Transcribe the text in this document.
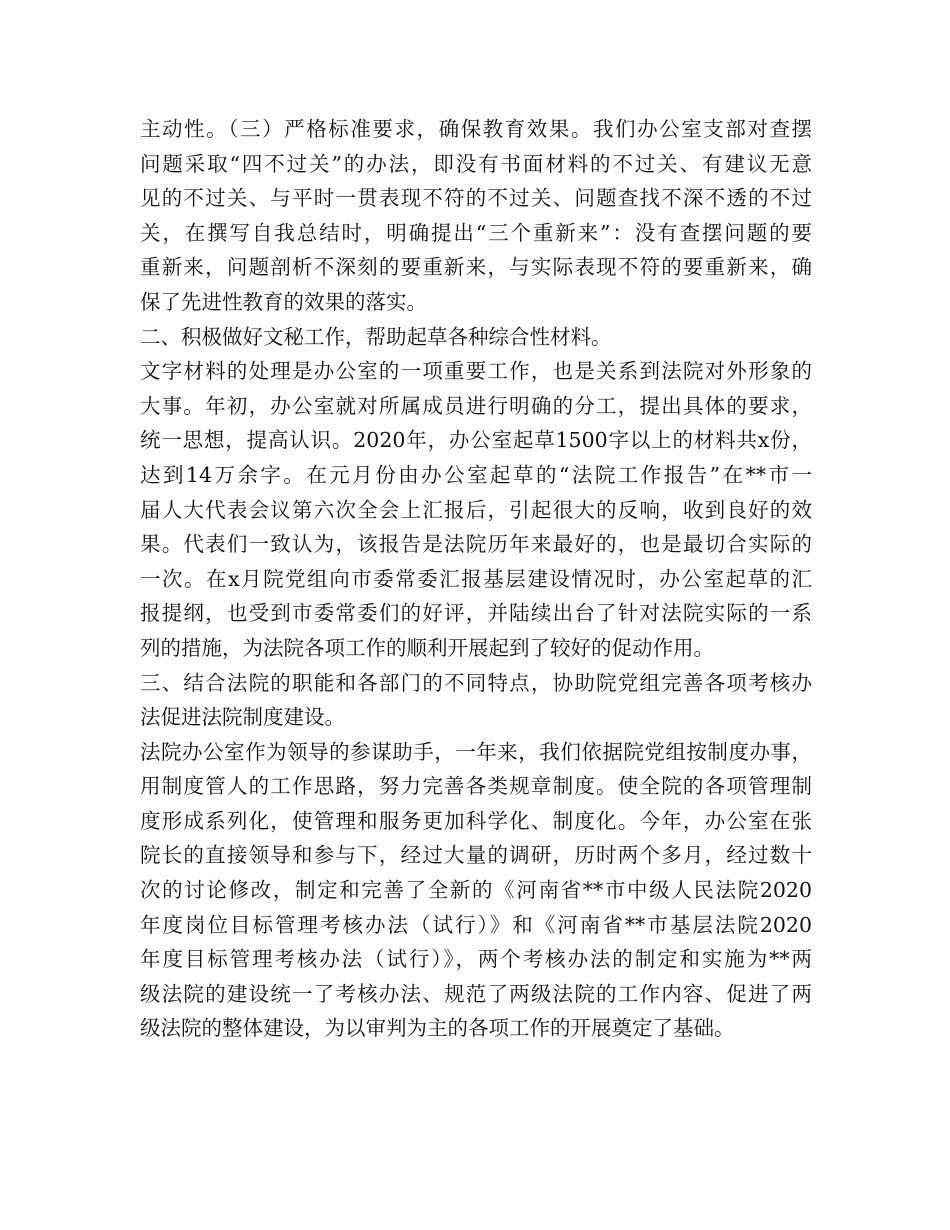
主动性。（三）严格标准要求，确保教育效果。我们办公室支部对查摆
问题采取“四不过关”的办法，即没有书面材料的不过关、有建议无意
见的不过关、与平时一贯表现不符的不过关、问题查找不深不透的不过
关，在撰写自我总结时，明确提出“三个重新来”：没有查摆问题的要
重新来，问题剖析不深刻的要重新来，与实际表现不符的要重新来，确
保了先进性教育的效果的落实。
二、积极做好文秘工作，帮助起草各种综合性材料。
文字材料的处理是办公室的一项重要工作，也是关系到法院对外形象的
大事。年初，办公室就对所属成员进行明确的分工，提出具体的要求，
统一思想，提高认识。2020年，办公室起草1500字以上的材料共x份，
达到14万余字。在元月份由办公室起草的“法院工作报告”在**市一
届人大代表会议第六次全会上汇报后，引起很大的反响，收到良好的效
果。代表们一致认为，该报告是法院历年来最好的，也是最切合实际的
一次。在x月院党组向市委常委汇报基层建设情况时，办公室起草的汇
报提纲，也受到市委常委们的好评，并陆续出台了针对法院实际的一系
列的措施，为法院各项工作的顺利开展起到了较好的促动作用。
三、结合法院的职能和各部门的不同特点，协助院党组完善各项考核办
法促进法院制度建设。
法院办公室作为领导的参谋助手，一年来，我们依据院党组按制度办事，
用制度管人的工作思路，努力完善各类规章制度。使全院的各项管理制
度形成系列化，使管理和服务更加科学化、制度化。今年，办公室在张
院长的直接领导和参与下，经过大量的调研，历时两个多月，经过数十
次的讨论修改，制定和完善了全新的《河南省**市中级人民法院2020
年度岗位目标管理考核办法（试行）》和《河南省**市基层法院2020
年度目标管理考核办法（试行）》，两个考核办法的制定和实施为**两
级法院的建设统一了考核办法、规范了两级法院的工作内容、促进了两
级法院的整体建设，为以审判为主的各项工作的开展奠定了基础。
